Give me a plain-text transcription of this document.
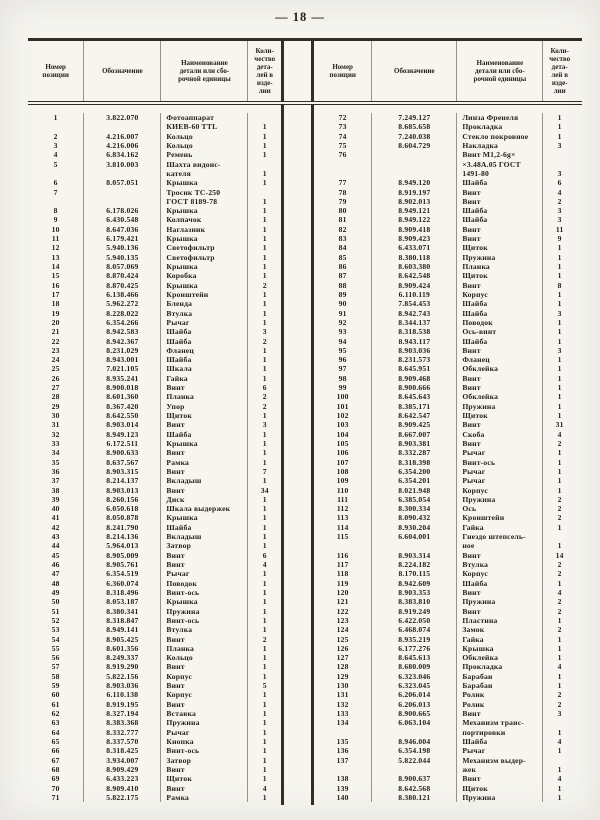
— 18 —
Номер
позиции	Обозначение
Наименование
детали или сбо-
рочной единицы
Коли-
чество
дета-
лей в
изде-
лии
Номер
позиции	Обозначение
Наименование
детали или сбо-
рочной единицы
Коли-
чество
дета-
лей в
изде-
лии
1	3.822.070	Фотоаппарат
КИЕВ-60 TTL	1
2	4.216.007	Кольцо	1
3	4.216.006	Кольцо	1
4	6.834.162	Ремень	1
5	3.810.003	Шахта видоис-
кателя	1
6	8.057.051	Крышка	1
7	Тросик ТС-250
ГОСТ 8189-78	1
8	6.178.026	Крышка	1
9	6.430.548	Колпачок	1
10	8.647.036	Наглазник	1
11	6.179.421	Крышка	1
12	5.940.136	Светофильтр	1
13	5.940.135	Светофильтр	1
14	8.057.069	Крышка	1
15	8.870.424	Коробка	1
16	8.870.425	Крышка	2
17	6.138.466	Кронштейн	1
18	5.962.272	Бленда	1
19	8.228.022	Втулка	1
20	6.354.266	Рычаг	1
21	8.942.583	Шайба	3
22	8.942.367	Шайба	2
23	8.231.029	Фланец	1
24	8.943.001	Шайба	1
25	7.021.105	Шкала	1
26	8.935.241	Гайка	1
27	8.900.018	Винт	6
28	8.601.360	Планка	2
29	8.367.420	Упор	2
30	8.642.550	Щиток	1
31	8.903.014	Винт	3
32	8.949.123	Шайба	1
33	6.172.511	Крышка	1
34	8.900.633	Винт	1
35	8.637.567	Рамка	1
36	8.903.315	Винт	7
37	8.214.137	Вкладыш	1
38	8.903.013	Винт	34
39	8.260.156	Диск	1
40	6.050.618	Шкала выдержек	1
41	8.050.878	Крышка	1
42	8.241.790	Шайба	1
43	8.214.136	Вкладыш	1
44	5.964.013	Затвор	1
45	8.905.009	Винт	6
46	8.905.761	Винт	4
47	6.354.519	Рычаг	1
48	6.360.074	Поводок	1
49	8.318.496	Винт-ось	1
50	8.053.187	Крышка	1
51	8.380.341	Пружина	1
52	8.318.847	Винт-ось	1
53	8.949.141	Втулка	1
54	8.905.425	Винт	2
55	8.601.356	Планка	1
56	8.249.337	Кольцо	1
57	8.919.290	Винт	1
58	5.822.156	Корпус	1
59	8.903.036	Винт	5
60	6.110.138	Корпус	1
61	8.919.195	Винт	1
62	8.327.194	Вставка	1
63	8.383.368	Пружина	1
64	8.332.777	Рычаг	1
65	8.337.570	Кнопка	1
66	8.318.425	Винт-ось	1
67	3.934.007	Затвор	1
68	8.909.429	Винт	1
69	6.433.223	Щиток	1
70	8.909.410	Винт	4
71	5.822.175	Рамка	1
72	7.249.127	Линза Френеля	1
73	8.685.658	Прокладка	1
74	7.240.038	Стекло покровное	1
75	8.604.729	Накладка	3
76	Винт М1,2-6g×
×3.48А.05 ГОСТ
1491-80	3
77	8.949.120	Шайба	6
78	8.919.197	Винт	4
79	8.902.013	Винт	2
80	8.949.121	Шайба	3
81	8.949.122	Шайба	3
82	8.909.418	Винт	11
83	8.909.423	Винт	9
84	6.433.071	Щиток	1
85	8.380.118	Пружина	1
86	8.603.380	Планка	1
87	8.642.548	Щиток	1
88	8.909.424	Винт	8
89	6.110.119	Корпус	1
90	7.854.453	Шайба	1
91	8.942.743	Шайба	3
92	8.344.137	Поводок	1
93	8.318.538	Ось-винт	1
94	8.943.117	Шайба	1
95	8.903.036	Винт	3
96	8.231.573	Фланец	1
97	8.645.951	Обклейка	1
98	8.909.468	Винт	1
99	8.900.666	Винт	1
100	8.645.643	Обклейка	1
101	8.385.171	Пружина	1
102	8.642.547	Щиток	1
103	8.909.425	Винт	31
104	8.667.007	Скоба	4
105	8.903.381	Винт	2
106	8.332.287	Рычаг	1
107	8.318.398	Винт-ось	1
108	6.354.200	Рычаг	1
109	6.354.201	Рычаг	1
110	8.021.948	Корпус	1
111	6.385.054	Пружина	2
112	8.300.334	Ось	2
113	8.090.432	Кронштейн	2
114	8.930.204	Гайка	1
115	6.604.001	Гнездо штепсель-
ное	1
116	8.903.314	Винт	14
117	8.224.182	Втулка	2
118	8.170.115	Корпус	2
119	8.942.609	Шайба	1
120	8.903.353	Винт	4
121	8.383.810	Пружина	2
122	8.919.249	Винт	2
123	6.422.050	Пластина	1
124	6.468.074	Замок	2
125	8.935.219	Гайка	1
126	6.177.276	Крышка	1
127	8.645.613	Обклейка	1
128	8.680.009	Прокладка	4
129	6.323.046	Барабан	1
130	6.323.045	Барабан	1
131	6.206.014	Ролик	2
132	6.206.013	Ролик	2
133	8.900.665	Винт	3
134	6.063.104	Механизм транс-
портировки	1
135	8.946.004	Шайба	4
136	6.354.198	Рычаг	1
137	5.822.044	Механизм выдер-
жек	1
138	8.900.637	Винт	4
139	8.642.568	Щиток	1
140	8.380.121	Пружина	1
